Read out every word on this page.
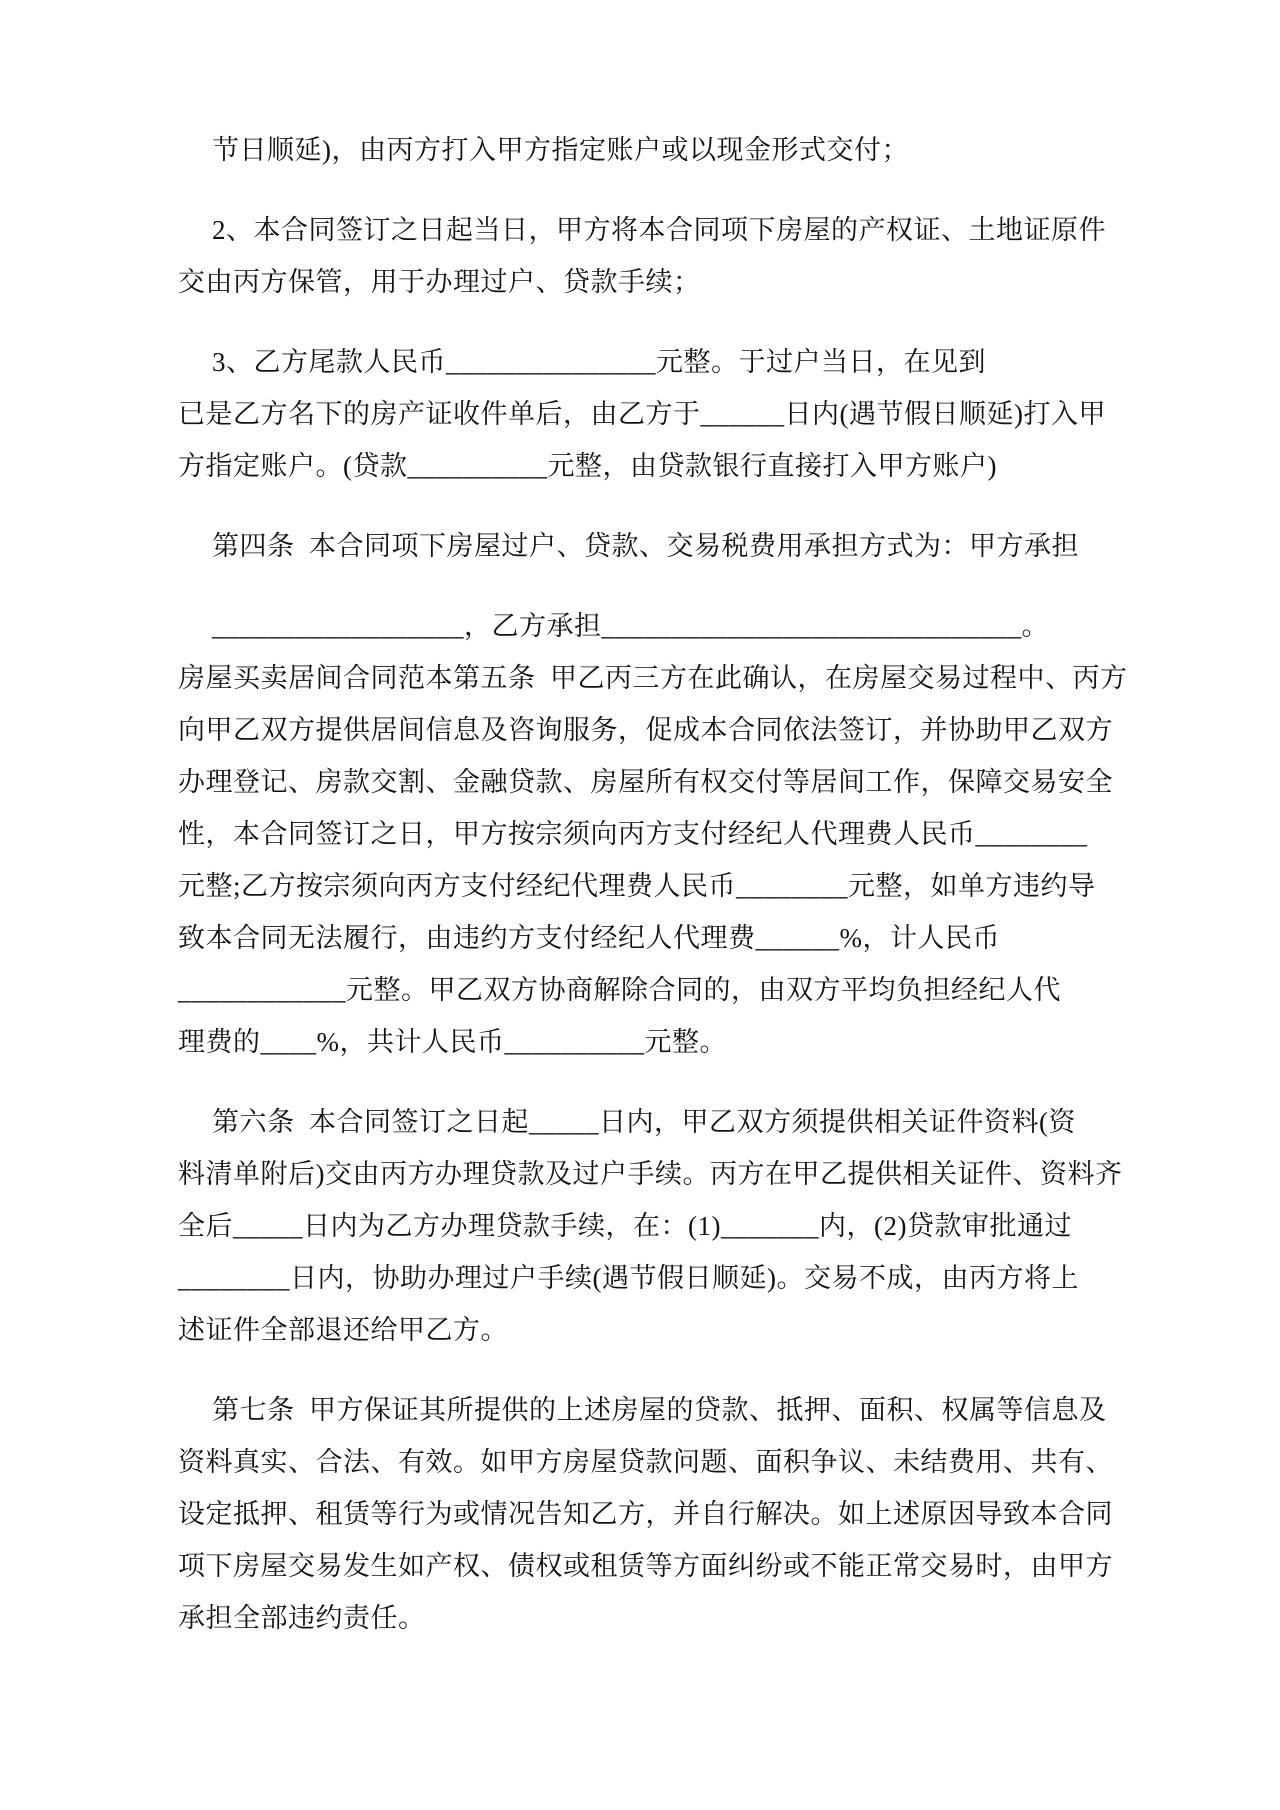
节日顺延)，由丙方打入甲方指定账户或以现金形式交付；
2、本合同签订之日起当日，甲方将本合同项下房屋的产权证、土地证原件
交由丙方保管，用于办理过户、贷款手续；
3、乙方尾款人民币_______________元整。于过户当日，在见到
已是乙方名下的房产证收件单后，由乙方于______日内(遇节假日顺延)打入甲
方指定账户。(贷款__________元整，由贷款银行直接打入甲方账户)
第四条  本合同项下房屋过户、贷款、交易税费用承担方式为：甲方承担
__________________，乙方承担______________________________。
房屋买卖居间合同范本第五条  甲乙丙三方在此确认，在房屋交易过程中、丙方
向甲乙双方提供居间信息及咨询服务，促成本合同依法签订，并协助甲乙双方
办理登记、房款交割、金融贷款、房屋所有权交付等居间工作，保障交易安全
性，本合同签订之日，甲方按宗须向丙方支付经纪人代理费人民币________
元整;乙方按宗须向丙方支付经纪代理费人民币________元整，如单方违约导
致本合同无法履行，由违约方支付经纪人代理费______%，计人民币
____________元整。甲乙双方协商解除合同的，由双方平均负担经纪人代
理费的____%，共计人民币__________元整。
第六条  本合同签订之日起_____日内，甲乙双方须提供相关证件资料(资
料清单附后)交由丙方办理贷款及过户手续。丙方在甲乙提供相关证件、资料齐
全后_____日内为乙方办理贷款手续，在：(1)_______内，(2)贷款审批通过
________日内，协助办理过户手续(遇节假日顺延)。交易不成，由丙方将上
述证件全部退还给甲乙方。
第七条  甲方保证其所提供的上述房屋的贷款、抵押、面积、权属等信息及
资料真实、合法、有效。如甲方房屋贷款问题、面积争议、未结费用、共有、
设定抵押、租赁等行为或情况告知乙方，并自行解决。如上述原因导致本合同
项下房屋交易发生如产权、债权或租赁等方面纠纷或不能正常交易时，由甲方
承担全部违约责任。
